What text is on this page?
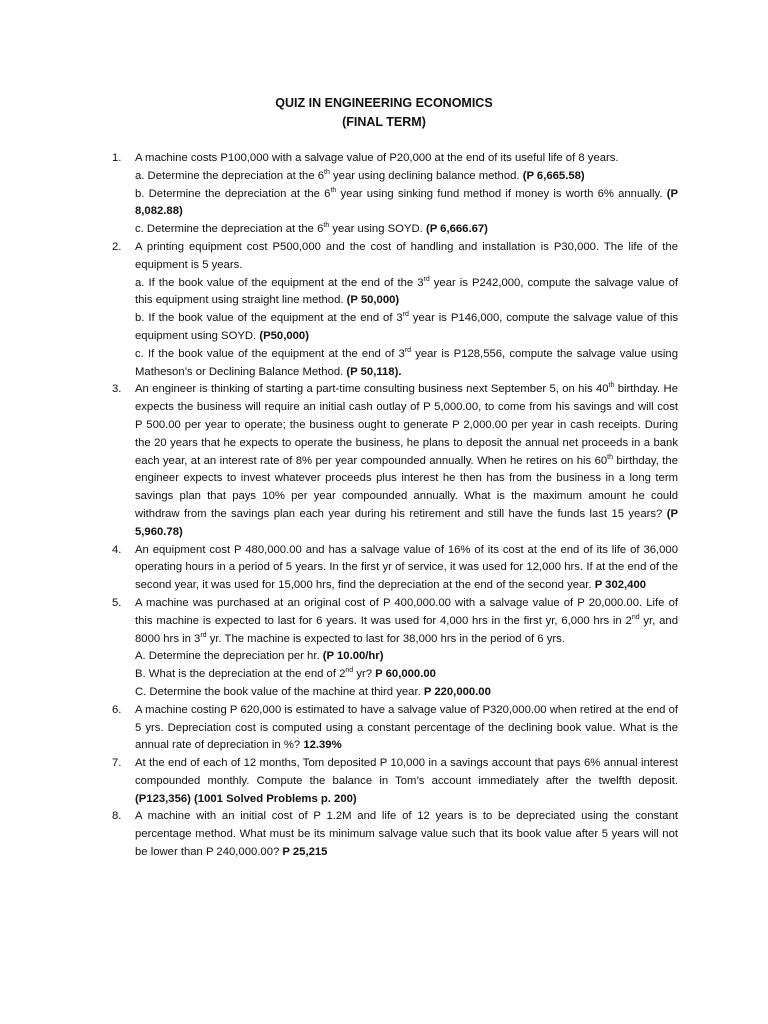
QUIZ IN ENGINEERING ECONOMICS
(FINAL TERM)
1. A machine costs P100,000 with a salvage value of P20,000 at the end of its useful life of 8 years.
a. Determine the depreciation at the 6th year using declining balance method. (P 6,665.58)
b. Determine the depreciation at the 6th year using sinking fund method if money is worth 6% annually. (P 8,082.88)
c. Determine the depreciation at the 6th year using SOYD. (P 6,666.67)
2. A printing equipment cost P500,000 and the cost of handling and installation is P30,000. The life of the equipment is 5 years.
a. If the book value of the equipment at the end of the 3rd year is P242,000, compute the salvage value of this equipment using straight line method. (P 50,000)
b. If the book value of the equipment at the end of 3rd year is P146,000, compute the salvage value of this equipment using SOYD. (P50,000)
c. If the book value of the equipment at the end of 3rd year is P128,556, compute the salvage value using Matheson’s or Declining Balance Method. (P 50,118).
3. An engineer is thinking of starting a part-time consulting business next September 5, on his 40th birthday. He expects the business will require an initial cash outlay of P 5,000.00, to come from his savings and will cost P 500.00 per year to operate; the business ought to generate P 2,000.00 per year in cash receipts. During the 20 years that he expects to operate the business, he plans to deposit the annual net proceeds in a bank each year, at an interest rate of 8% per year compounded annually. When he retires on his 60th birthday, the engineer expects to invest whatever proceeds plus interest he then has from the business in a long term savings plan that pays 10% per year compounded annually. What is the maximum amount he could withdraw from the savings plan each year during his retirement and still have the funds last 15 years? (P 5,960.78)
4. An equipment cost P 480,000.00 and has a salvage value of 16% of its cost at the end of its life of 36,000 operating hours in a period of 5 years. In the first yr of service, it was used for 12,000 hrs. If at the end of the second year, it was used for 15,000 hrs, find the depreciation at the end of the second year. P 302,400
5. A machine was purchased at an original cost of P 400,000.00 with a salvage value of P 20,000.00. Life of this machine is expected to last for 6 years. It was used for 4,000 hrs in the first yr, 6,000 hrs in 2nd yr, and 8000 hrs in 3rd yr. The machine is expected to last for 38,000 hrs in the period of 6 yrs.
A. Determine the depreciation per hr. (P 10.00/hr)
B. What is the depreciation at the end of 2nd yr? P 60,000.00
C. Determine the book value of the machine at third year. P 220,000.00
6. A machine costing P 620,000 is estimated to have a salvage value of P320,000.00 when retired at the end of 5 yrs. Depreciation cost is computed using a constant percentage of the declining book value. What is the annual rate of depreciation in %? 12.39%
7. At the end of each of 12 months, Tom deposited P 10,000 in a savings account that pays 6% annual interest compounded monthly. Compute the balance in Tom’s account immediately after the twelfth deposit. (P123,356) (1001 Solved Problems p. 200)
8. A machine with an initial cost of P 1.2M and life of 12 years is to be depreciated using the constant percentage method. What must be its minimum salvage value such that its book value after 5 years will not be lower than P 240,000.00? P 25,215
